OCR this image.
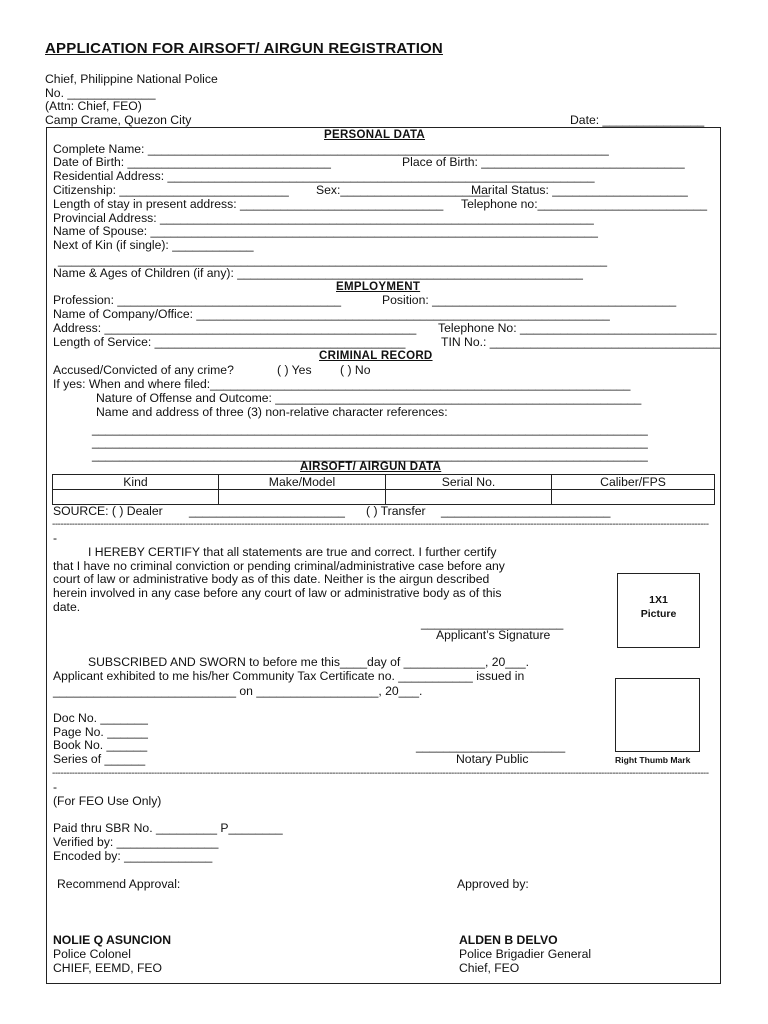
APPLICATION FOR AIRSOFT/ AIRGUN REGISTRATION
Chief, Philippine National Police
No. _____________
(Attn: Chief, FEO)
Camp Crame, Quezon City	Date: _______________
PERSONAL DATA
Complete Name: ____________________________________________________________________
Date of Birth: ______________________________	Place of Birth: ______________________________
Residential Address: _______________________________________________________________
Citizenship: _________________________ Sex:______________________
Marital Status: ____________________
Length of stay in present address: ______________________________ Telephone no:_________________________
Provincial Address: ________________________________________________________________
Name of Spouse: __________________________________________________________________
Next of Kin (if single): ____________
_________________________________________________________________________________
Name & Ages of Children (if any): ___________________________________________________
EMPLOYMENT
Profession: _________________________________	Position: ____________________________________
Name of Company/Office: _____________________________________________________________
Address: ______________________________________________ Telephone No: _____________________________
Length of Service: _____________________________________	TIN No.: __________________________________
CRIMINAL RECORD
Accused/Convicted of any crime?	( ) Yes ( ) No
If yes: When and where filed:______________________________________________________________
Nature of Offense and Outcome: ______________________________________________________
Name and address of three (3) non-relative character references:
__________________________________________________________________________________
__________________________________________________________________________________
__________________________________________________________________________________
AIRSOFT/ AIRGUN DATA
Kind	Make/Model	Serial No.	Caliber/FPS

SOURCE: ( ) Dealer _______________________ ( ) Transfer _________________________
-----
-
I HEREBY CERTIFY that all statements are true and correct. I further certify
that I have no criminal conviction or pending criminal/administrative case before any
court of law or administrative body as of this date. Neither is the airgun described
herein involved in any case before any court of law or administrative body as of this
date.
_____________________
Applicant’s Signature
1X1
Picture
SUBSCRIBED AND SWORN to before me this____day of ____________, 20___.
Applicant exhibited to me his/her Community Tax Certificate no. ___________ issued in
___________________________ on __________________, 20___.
Doc No. _______
Page No. ______
Book No. ______
Series of ______
______________________
Notary Public	Right Thumb Mark
-----
-
(For FEO Use Only)
Paid thru SBR No. _________ P________
Verified by: _______________
Encoded by: _____________
Recommend Approval:	Approved by:
NOLIE Q ASUNCION
Police Colonel
CHIEF, EEMD, FEO
ALDEN B DELVO
Police Brigadier General
Chief, FEO
